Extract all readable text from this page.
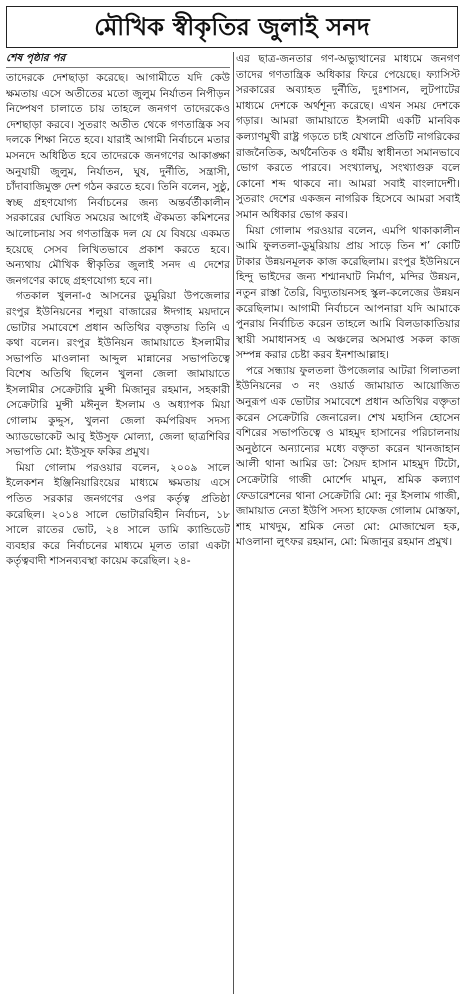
মৌখিক স্বীকৃতির জুলাই সনদ
শেষ পৃষ্ঠার পর

তাদেরকে দেশছাড়া করেছে। আগামীতে যদি কেউ ক্ষমতায় এসে অতীতের মতো জুলুম নির্যাতন নিপীড়ন নিষ্পেষণ চালাতে চায় তাহলে জনগণ তাদেরকেও দেশছাড়া করবে। সুতরাং অতীত থেকে গণতান্ত্রিক সব দলকে শিক্ষা নিতে হবে। যারাই আগামী নির্বাচনে মতার মসনদে অধিষ্ঠিত হবে তাদেরকে জনগণের আকাঙ্ক্ষা অনুযায়ী জুলুম, নির্যাতন, ঘুষ, দুর্নীতি, সন্ত্রাসী, চাঁদাবাজিমুক্ত দেশ গঠন করতে হবে। তিনি বলেন, সুষ্ঠু, স্বচ্ছ গ্রহণযোগ্য নির্বাচনের জন্য অন্তর্বর্তীকালীন সরকারের ঘোষিত সময়ের আগেই ঐকমত্য কমিশনের আলোচনায় সব গণতান্ত্রিক দল যে যে বিষয়ে একমত হয়েছে সেসব লিখিতভাবে প্রকাশ করতে হবে। অন্যথায় মৌখিক স্বীকৃতির জুলাই সনদ এ দেশের জনগণের কাছে গ্রহণযোগ্য হবে না।

গতকাল খুলনা-৫ আসনের ডুমুরিয়া উপজেলার রংপুর ইউনিয়নের শলুয়া বাজারের ঈদগাহ ময়দানে ভোটার সমাবেশে প্রধান অতিথির বক্তৃতায় তিনি এ কথা বলেন। রংপুর ইউনিয়ন জামায়াতে ইসলামীর সভাপতি মাওলানা আব্দুল মান্নানের সভাপতিত্বে বিশেষ অতিথি ছিলেন খুলনা জেলা জামায়াতে ইসলামীর সেক্রেটারি মুন্সী মিজানুর রহমান, সহকারী সেক্রেটারি মুন্সী মঈনুল ইসলাম ও অধ্যাপক মিয়া গোলাম কুদ্দুস, খুলনা জেলা কর্মপরিষদ সদস্য অ্যাডভোকেট আবু ইউসুফ মোল্যা, জেলা ছাত্রশিবির সভাপতি মো: ইউসুফ ফকির প্রমুখ।

মিয়া গোলাম পরওয়ার বলেন, ২০০৯ সালে ইলেকশন ইঞ্জিনিয়ারিংয়ের মাধ্যমে ক্ষমতায় এসে পতিত সরকার জনগণের ওপর কর্তৃত্ব প্রতিষ্ঠা করেছিল। ২০১৪ সালে ভোটারবিহীন নির্বাচন, ১৮ সালে রাতের ভোট, ২৪ সালে ডামি ক্যান্ডিডেট ব্যবহার করে নির্বাচনের মাধ্যমে মূলত তারা একটা কর্তৃত্ববাদী শাসনব্যবস্থা কায়েম করেছিল। ২৪-

এর ছাত্র-জনতার গণ-অভ্যুত্থানের মাধ্যমে জনগণ তাদের গণতান্ত্রিক অধিকার ফিরে পেয়েছে। ফ্যাসিস্ট সরকারের অব্যাহত দুর্নীতি, দুঃশাসন, লুটপাটের মাধ্যমে দেশকে অর্থশূন্য করেছে। এখন সময় দেশকে গড়ার। আমরা জামায়াতে ইসলামী একটি মানবিক কল্যাণমুখী রাষ্ট্র গড়তে চাই যেখানে প্রতিটি নাগরিকের রাজনৈতিক, অর্থনৈতিক ও ধর্মীয় স্বাধীনতা সমানভাবে ভোগ করতে পারবে। সংখ্যালঘু, সংখ্যাগুরু বলে কোনো শব্দ থাকবে না। আমরা সবাই বাংলাদেশী। সুতরাং দেশের একজন নাগরিক হিসেবে আমরা সবাই সমান অধিকার ভোগ করব।

মিয়া গোলাম পরওয়ার বলেন, এমপি থাকাকালীন আমি ফুলতলা-ডুমুরিয়ায় প্রায় সাড়ে তিন শ’ কোটি টাকার উন্নয়নমূলক কাজ করেছিলাম। রংপুর ইউনিয়নে হিন্দু ভাইদের জন্য শশ্মানঘাট নির্মাণ, মন্দির উন্নয়ন, নতুন রাস্তা তৈরি, বিদ্যুতায়নসহ স্কুল-কলেজের উন্নয়ন করেছিলাম। আগামী নির্বাচনে আপনারা যদি আমাকে পুনরায় নির্বাচিত করেন তাহলে আমি বিলডাকাতিয়ার স্থায়ী সমাধানসহ এ অঞ্চলের অসমাপ্ত সকল কাজ সম্পন্ন করার চেষ্টা করব ইনশাআল্লাহ।

পরে সন্ধ্যায় ফুলতলা উপজেলার আটরা গিলাতলা ইউনিয়নের ৩ নং ওয়ার্ড জামায়াত আয়োজিত অনুরূপ এক ভোটার সমাবেশে প্রধান অতিথির বক্তৃতা করেন সেক্রেটারি জেনারেল। শেখ মহাসিন হোসেন বশিরের সভাপতিত্বে ও মাহমুদ হাসানের পরিচালনায় অনুষ্ঠানে অন্যান্যের মধ্যে বক্তৃতা করেন খানজাহান আলী থানা আমির ডা: সৈয়দ হাসান মাহমুদ টিটো, সেক্রেটারি গাজী মোর্শেদ মামুন, শ্রমিক কল্যাণ ফেডারেশনের থানা সেক্রেটারি মো: নূর ইসলাম গাজী, জামায়াত নেতা ইউপি সদস্য হাফেজ গোলাম মোস্তফা, শাহ মাখদুম, শ্রমিক নেতা মো: মোজাম্মেল হক, মাওলানা লুৎফর রহমান, মো: মিজানুর রহমান প্রমুখ।
